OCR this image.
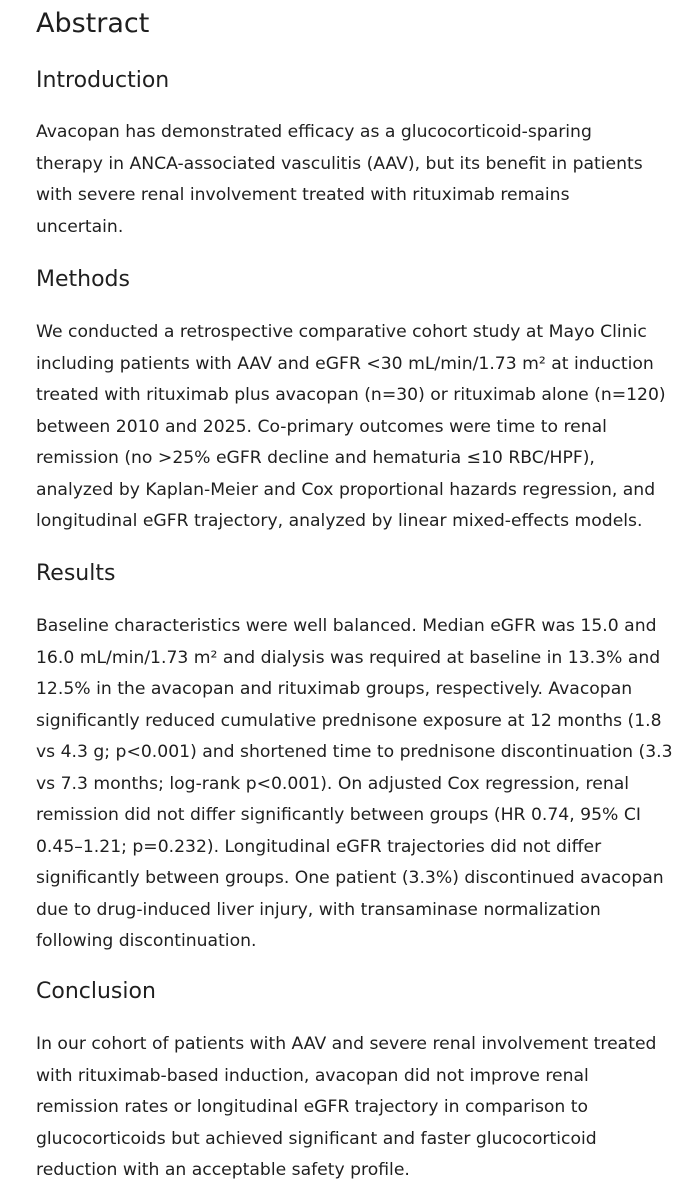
Abstract
Introduction
Avacopan has demonstrated efficacy as a glucocorticoid-sparing
therapy in ANCA-associated vasculitis (AAV), but its benefit in patients
with severe renal involvement treated with rituximab remains
uncertain.
Methods
We conducted a retrospective comparative cohort study at Mayo Clinic
including patients with AAV and eGFR <30 mL/min/1.73 m² at induction
treated with rituximab plus avacopan (n=30) or rituximab alone (n=120)
between 2010 and 2025. Co-primary outcomes were time to renal
remission (no >25% eGFR decline and hematuria ≤10 RBC/HPF),
analyzed by Kaplan-Meier and Cox proportional hazards regression, and
longitudinal eGFR trajectory, analyzed by linear mixed-effects models.
Results
Baseline characteristics were well balanced. Median eGFR was 15.0 and
16.0 mL/min/1.73 m² and dialysis was required at baseline in 13.3% and
12.5% in the avacopan and rituximab groups, respectively. Avacopan
significantly reduced cumulative prednisone exposure at 12 months (1.8
vs 4.3 g; p<0.001) and shortened time to prednisone discontinuation (3.3
vs 7.3 months; log-rank p<0.001). On adjusted Cox regression, renal
remission did not differ significantly between groups (HR 0.74, 95% CI
0.45–1.21; p=0.232). Longitudinal eGFR trajectories did not differ
significantly between groups. One patient (3.3%) discontinued avacopan
due to drug-induced liver injury, with transaminase normalization
following discontinuation.
Conclusion
In our cohort of patients with AAV and severe renal involvement treated
with rituximab-based induction, avacopan did not improve renal
remission rates or longitudinal eGFR trajectory in comparison to
glucocorticoids but achieved significant and faster glucocorticoid
reduction with an acceptable safety profile.
